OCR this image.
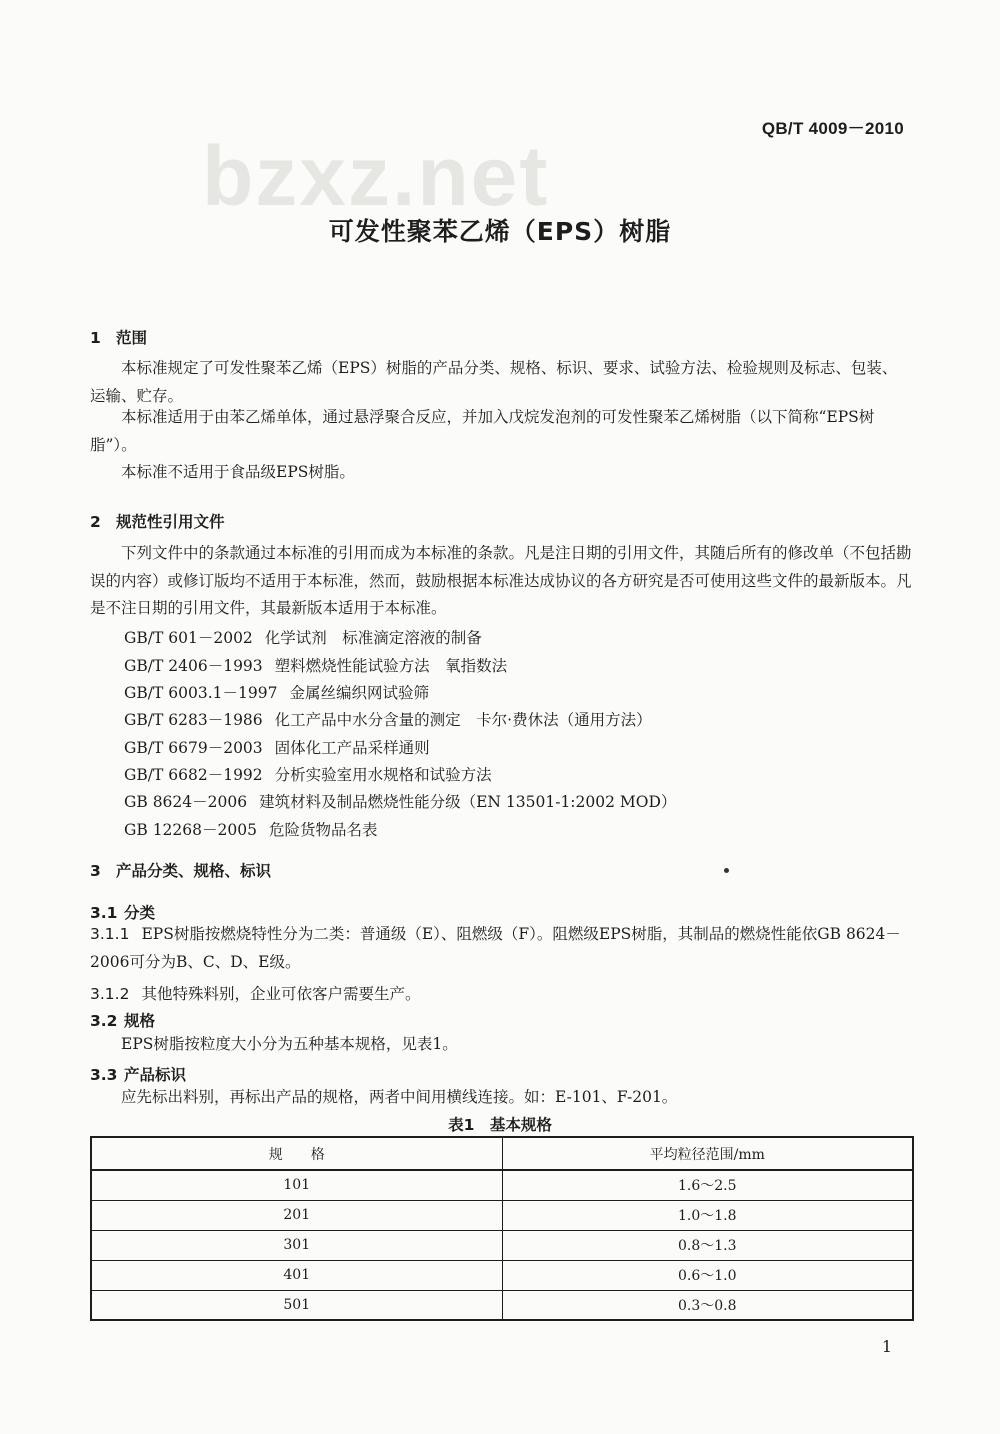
bzxz.net
QB/T 4009－2010
可发性聚苯乙烯（EPS）树脂
1 范围
本标准规定了可发性聚苯乙烯（EPS）树脂的产品分类、规格、标识、要求、试验方法、检验规则及标志、包装、运输、贮存。
本标准适用于由苯乙烯单体，通过悬浮聚合反应，并加入戊烷发泡剂的可发性聚苯乙烯树脂（以下简称“EPS树脂”）。
本标准不适用于食品级EPS树脂。
2 规范性引用文件
下列文件中的条款通过本标准的引用而成为本标准的条款。凡是注日期的引用文件，其随后所有的修改单（不包括勘误的内容）或修订版均不适用于本标准，然而，鼓励根据本标准达成协议的各方研究是否可使用这些文件的最新版本。凡是不注日期的引用文件，其最新版本适用于本标准。
GB/T 601－2002 化学试剂　标准滴定溶液的制备
GB/T 2406－1993 塑料燃烧性能试验方法　氧指数法
GB/T 6003.1－1997 金属丝编织网试验筛
GB/T 6283－1986 化工产品中水分含量的测定　卡尔·费休法（通用方法）
GB/T 6679－2003 固体化工产品采样通则
GB/T 6682－1992 分析实验室用水规格和试验方法
GB 8624－2006 建筑材料及制品燃烧性能分级（EN 13501-1:2002 MOD）
GB 12268－2005 危险货物品名表
3 产品分类、规格、标识
3.1 分类
3.1.1 EPS树脂按燃烧特性分为二类：普通级（E）、阻燃级（F）。阻燃级EPS树脂，其制品的燃烧性能依GB 8624－2006可分为B、C、D、E级。
3.1.2 其他特殊料别，企业可依客户需要生产。
3.2 规格
EPS树脂按粒度大小分为五种基本规格，见表1。
3.3 产品标识
应先标出料别，再标出产品的规格，两者中间用横线连接。如：E-101、F-201。
表1　基本规格
规　　格	平均粒径范围/mm
101	1.6～2.5
201	1.0～1.8
301	0.8～1.3
401	0.6～1.0
501	0.3～0.8
1
